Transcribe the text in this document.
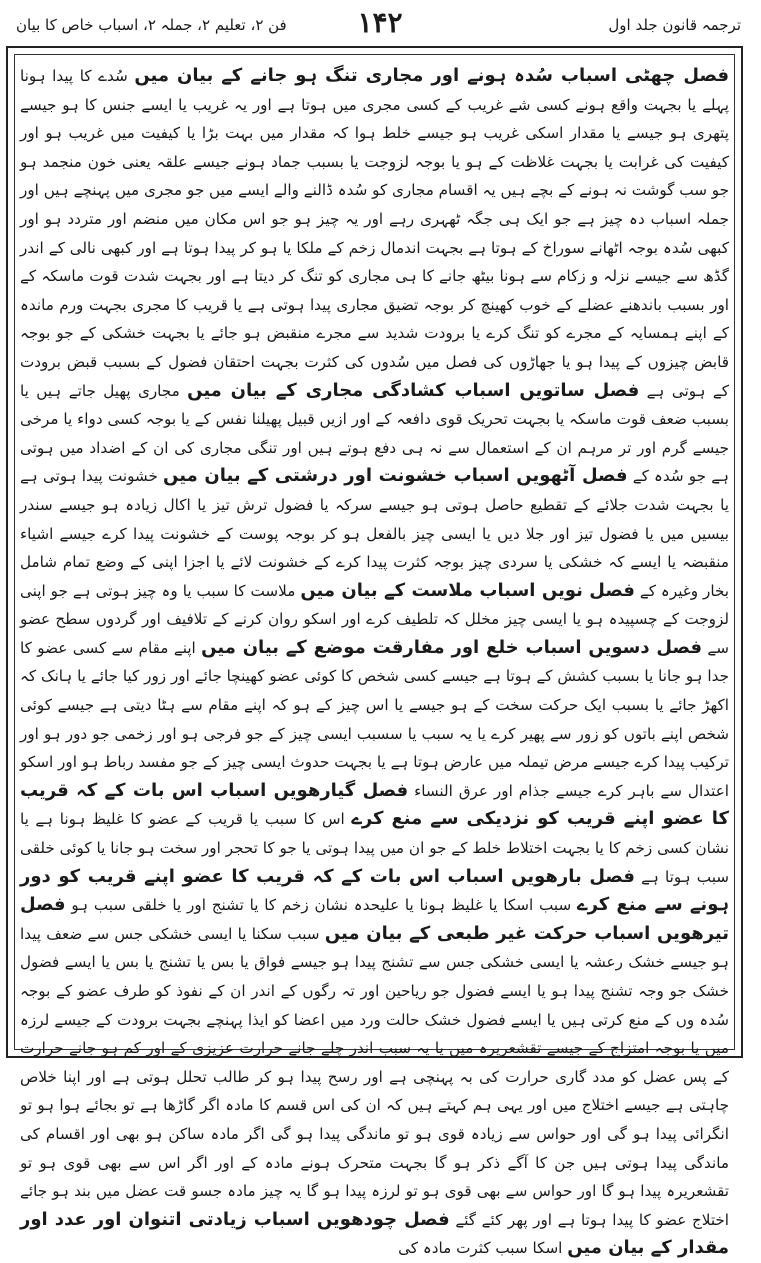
فن ۲، تعلیم ۲، جملہ ۲، اسباب خاص کا بیان	۱۴۲	ترجمہ قانون جلد اول
فصل چھٹی اسباب سُدہ ہونے اور مجاری تنگ ہو جانے کے بیان میں سُدے کا پیدا ہونا پہلے یا بجہت واقع ہونے کسی شے غریب کے کسی مجری میں ہوتا ہے اور یہ غریب یا ایسے جنس کا ہو جیسے پتھری ہو جیسے یا مقدار اسکی غریب ہو جیسے خلط ہوا کہ مقدار میں بہت بڑا یا کیفیت میں غریب ہو اور کیفیت کی غرابت یا بجہت غلاظت کے ہو یا بوجہ لزوجت یا بسبب جماد ہونے جیسے علقہ یعنی خون منجمد ہو جو سب گوشت نہ ہونے کے بچے ہیں یہ اقسام مجاری کو سُدہ ڈالنے والے ایسے میں جو مجری میں پہنچے ہیں اور جملہ اسباب دہ چیز ہے جو ایک ہی جگہ ٹھہری رہے اور یہ چیز ہو جو اس مکان میں منضم اور متردد ہو اور کبھی سُدہ بوجہ اٹھانے سوراخ کے ہوتا ہے بجہت اندمال زخم کے ملکا یا ہو کر پیدا ہوتا ہے اور کبھی نالی کے اندر گڈھ سے جیسے نزلہ و زکام سے ہونا بیٹھ جانے کا ہی مجاری کو تنگ کر دیتا ہے اور بجہت شدت قوت ماسکہ کے اور بسبب باندھنے عضلے کے خوب کھینچ کر بوجہ تضیق مجاری پیدا ہوتی ہے یا قریب کا مجری بجہت ورم ماندہ کے اپنے ہمسایہ کے مجرے کو تنگ کرے یا برودت شدید سے مجرے منقبض ہو جائے یا بجہت خشکی کے جو بوجہ قابض چیزوں کے پیدا ہو یا جھاڑوں کی فصل میں سُدوں کی کثرت بجہت احتقان فضول کے بسبب قبض برودت کے ہوتی ہے فصل ساتویں اسباب کشادگی مجاری کے بیان میں مجاری پھیل جاتے ہیں یا بسبب ضعف قوت ماسکہ یا بجہت تحریک قوی دافعہ کے اور ازیں قبیل پھیلنا نفس کے یا بوجہ کسی دواء یا مرخی جیسے گرم اور تر مرہم ان کے استعمال سے نہ ہی دفع ہوتے ہیں اور تنگی مجاری کی ان کے اضداد میں ہوتی ہے جو سُدہ کے فصل آٹھویں اسباب خشونت اور درشتی کے بیان میں خشونت پیدا ہوتی ہے یا بجہت شدت جلائے کے تقطیع حاصل ہوتی ہو جیسے سرکہ یا فضول ترش تیز یا اکال زیادہ ہو جیسے سندر بیسیں میں یا فضول تیز اور جلا دیں یا ایسی چیز بالفعل ہو کر بوجہ پوست کے خشونت پیدا کرے جیسے اشیاء منقبضہ یا ایسے کہ خشکی یا سردی چیز بوجہ کثرت پیدا کرے کے خشونت لائے یا اجزا اپنی کے وضع تمام شامل بخار وغیرہ کے فصل نویں اسباب ملاست کے بیان میں ملاست کا سبب یا وہ چیز ہوتی ہے جو اپنی لزوجت کے چسپیدہ ہو یا ایسی چیز مخلل کہ تلطیف کرے اور اسکو روان کرنے کے تلافیف اور گردوں سطح عضو سے فصل دسویں اسباب خلع اور مفارقت موضع کے بیان میں اپنے مقام سے کسی عضو کا جدا ہو جانا یا بسبب کشش کے ہوتا ہے جیسے کسی شخص کا کوئی عضو کھینچا جائے اور زور کیا جائے یا ہانک کہ اکھڑ جائے یا بسبب ایک حرکت سخت کے ہو جیسے یا اس چیز کے ہو کہ اپنے مقام سے ہٹا دیتی ہے جیسے کوئی شخص اپنے باتوں کو زور سے پھیر کرے یا یہ سبب یا سسبب ایسی چیز کے جو فرجی ہو اور زخمی جو دور ہو اور ترکیب پیدا کرے جیسے مرض تیملہ میں عارض ہوتا ہے یا بجہت حدوث ایسی چیز کے جو مفسد رباط ہو اور اسکو اعتدال سے باہر کرے جیسے جذام اور عرق النساء فصل گیارھویں اسباب اس بات کے کہ قریب کا عضو اپنے قریب کو نزدیکی سے منع کرے اس کا سبب یا قریب کے عضو کا غلیظ ہونا ہے یا نشان کسی زخم کا یا بجہت اختلاط خلط کے جو ان میں پیدا ہوتی یا جو کا تحجر اور سخت ہو جانا یا کوئی خلقی سبب ہوتا ہے فصل بارھویں اسباب اس بات کے کہ قریب کا عضو اپنے قریب کو دور ہونے سے منع کرے سبب اسکا یا غلیظ ہونا یا علیحدہ نشان زخم کا یا تشنج اور یا خلقی سبب ہو فصل تیرھویں اسباب حرکت غیر طبعی کے بیان میں سبب سکنا یا ایسی خشکی جس سے ضعف پیدا ہو جیسے خشک رعشہ یا ایسی خشکی جس سے تشنج پیدا ہو جیسے فواق یا بس یا تشنج یا بس یا ایسے فضول خشک جو وجہ تشنج پیدا ہو یا ایسے فضول جو ریاحین اور تہ رگوں کے اندر ان کے نفوذ کو طرف عضو کے بوجہ سُدہ وں کے منع کرتی ہیں یا ایسے فضول خشک حالت ورد میں اعضا کو ایذا پہنچے بجہت برودت کے جیسے لرزہ میں یا بوجہ امتزاج کے جیسے تقشعریرہ میں یا یہ سبب اندر چلے جانے حرارت عزیزی کے اور کم ہو جانے حرارت کے پس عضل کو مدد گاری حرارت کی بہ پہنچی ہے اور رسح پیدا ہو کر طالب تحلل ہوتی ہے اور اپنا خلاص چاہتی ہے جیسے اختلاج میں اور یہی ہم کہتے ہیں کہ ان کی اس قسم کا مادہ اگر گاڑھا ہے تو بجائے ہوا ہو تو انگرائی پیدا ہو گی اور حواس سے زیادہ قوی ہو تو ماندگی پیدا ہو گی اگر مادہ ساکن ہو بھی اور اقسام کی ماندگی پیدا ہوتی ہیں جن کا آگے ذکر ہو گا بجہت متحرک ہونے مادہ کے اور اگر اس سے بھی قوی ہو تو تقشعریرہ پیدا ہو گا اور حواس سے بھی قوی ہو تو لرزہ پیدا ہو گا یہ چیز مادہ جسو قت عضل میں بند ہو جائے اختلاج عضو کا پیدا ہوتا ہے اور پھر کئے گئے فصل چودھویں اسباب زیادتی اتنوان اور عدد اور مقدار کے بیان میں اسکا سبب کثرت مادہ کی
